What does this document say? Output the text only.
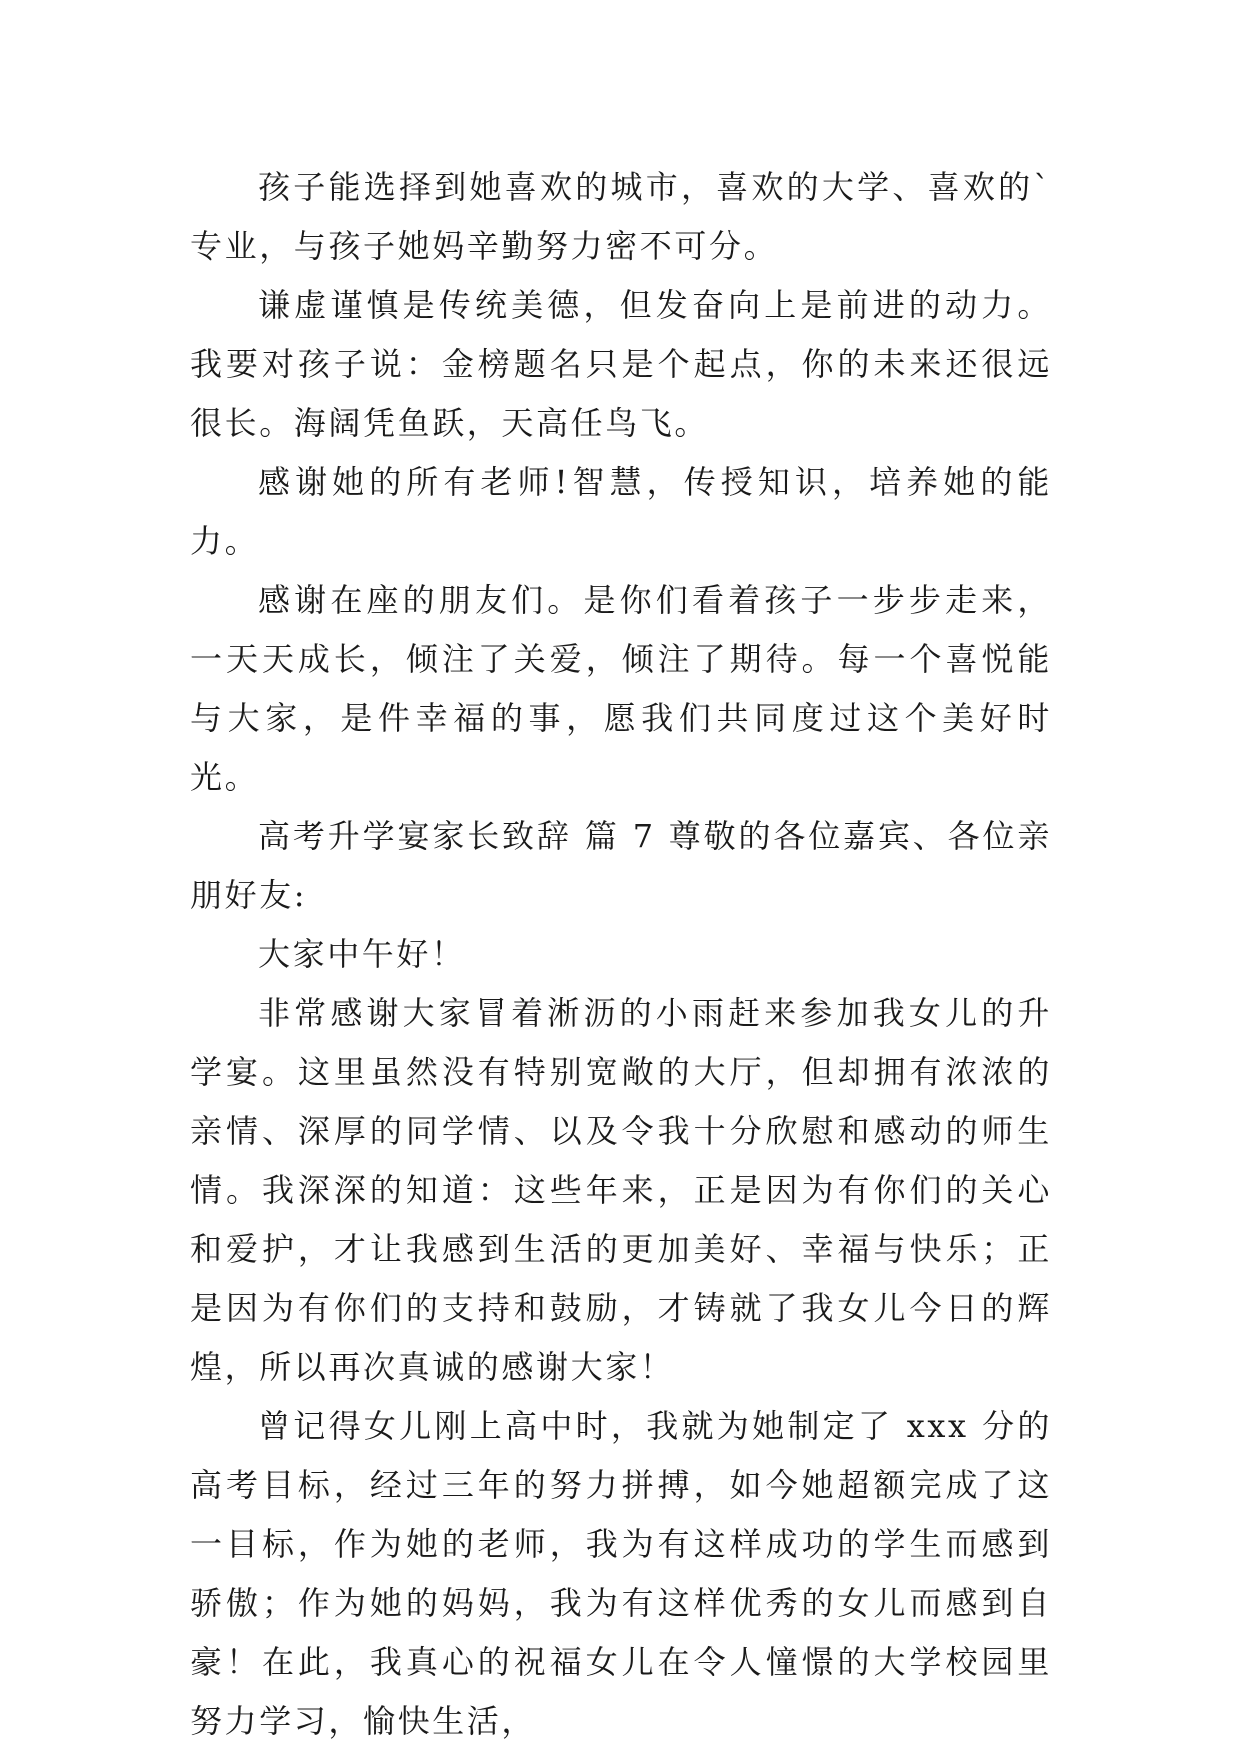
孩子能选择到她喜欢的城市，喜欢的大学、喜欢的`专业，与孩子她妈辛勤努力密不可分。

谦虚谨慎是传统美德，但发奋向上是前进的动力。我要对孩子说：金榜题名只是个起点，你的未来还很远很长。海阔凭鱼跃，天高任鸟飞。

感谢她的所有老师!智慧，传授知识，培养她的能力。

感谢在座的朋友们。是你们看着孩子一步步走来，一天天成长，倾注了关爱，倾注了期待。每一个喜悦能与大家，是件幸福的事，愿我们共同度过这个美好时光。

高考升学宴家长致辞 篇 7 尊敬的各位嘉宾、各位亲朋好友:

大家中午好！

非常感谢大家冒着淅沥的小雨赶来参加我女儿的升学宴。这里虽然没有特别宽敞的大厅，但却拥有浓浓的亲情、深厚的同学情、以及令我十分欣慰和感动的师生情。我深深的知道：这些年来，正是因为有你们的关心和爱护，才让我感到生活的更加美好、幸福与快乐；正是因为有你们的支持和鼓励，才铸就了我女儿今日的辉煌，所以再次真诚的感谢大家！

曾记得女儿刚上高中时，我就为她制定了 xxx 分的高考目标，经过三年的努力拼搏，如今她超额完成了这一目标，作为她的老师，我为有这样成功的学生而感到骄傲；作为她的妈妈，我为有这样优秀的女儿而感到自豪！在此，我真心的祝福女儿在令人憧憬的大学校园里努力学习，愉快生活，
